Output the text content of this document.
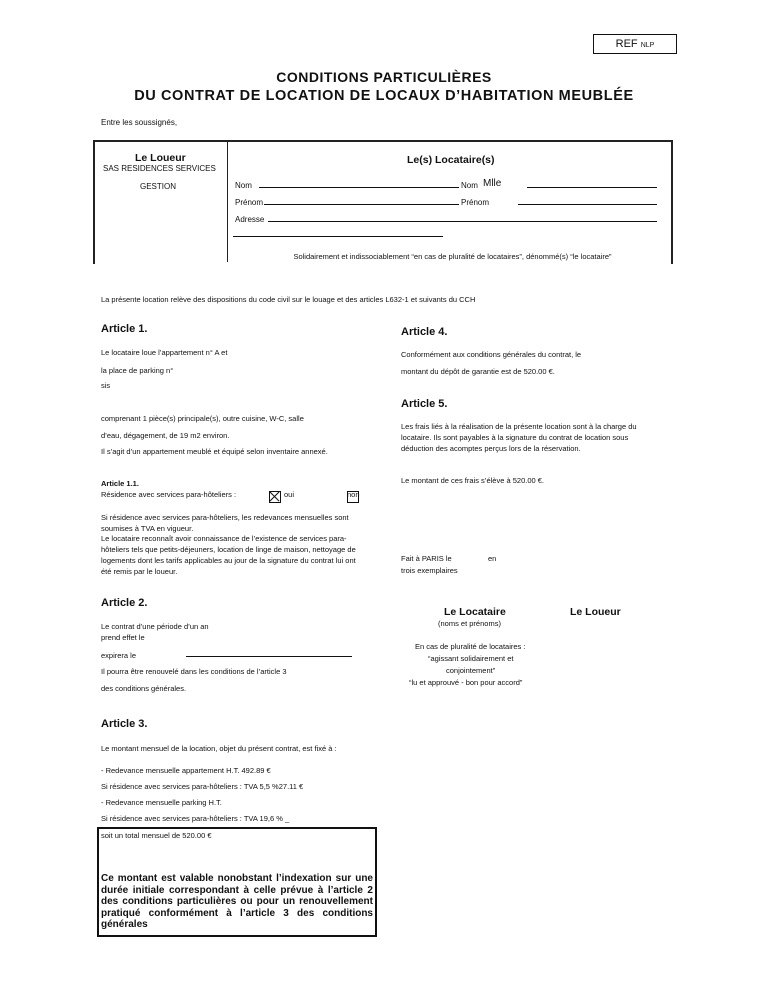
REF NLP
CONDITIONS PARTICULIÈRES
DU CONTRAT DE LOCATION DE LOCAUX D’HABITATION MEUBLÉE
Entre les soussignés,
Le Loueur
SAS RESIDENCES SERVICES
GESTION
Le(s) Locataire(s)
Nom	Nom Mlle
Prénom	Prénom
Adresse
Solidairement et indissociablement “en cas de pluralité de locataires”, dénommé(s) “le locataire”
La présente location relève des dispositions du code civil sur le louage et des articles L632-1 et suivants du CCH
Article 1.
Le locataire loue l’appartement n° A et
la place de parking n°
sis
comprenant 1 pièce(s) principale(s), outre cuisine, W-C, salle
d’eau, dégagement, de 19 m2 environ.
Il s’agit d’un appartement meublé et équipé selon inventaire annexé.
Article 1.1.
Résidence avec services para-hôteliers :
	oui	non
Si résidence avec services para-hôteliers, les redevances mensuelles sont soumises à TVA en vigueur.
Le locataire reconnaît avoir connaissance de l’existence de services para-hôteliers tels que petits-déjeuners, location de linge de maison, nettoyage de logements dont les tarifs applicables au jour de la signature du contrat lui ont été remis par le loueur.
Article 2.
Le contrat d’une période d’un an
prend effet le
expirera le
Il pourra être renouvelé dans les conditions de l’article 3
des conditions générales.
Article 3.
Le montant mensuel de la location, objet du présent contrat, est fixé à :
- Redevance mensuelle appartement H.T. 492.89 €
Si résidence avec services para-hôteliers : TVA 5,5 %27.11 €
- Redevance mensuelle parking H.T.
Si résidence avec services para-hôteliers : TVA 19,6 % _
soit un total mensuel de 520.00 €
Ce montant est valable nonobstant l’indexation sur une durée initiale correspondant à celle prévue à l’article 2 des conditions particulières ou pour un renouvellement pratiqué conformément à l’article 3 des conditions générales
Article 4.
Conformément aux conditions générales du contrat, le
montant du dépôt de garantie est de 520.00 €.
Article 5.
Les frais liés à la réalisation de la présente location sont à la charge du locataire. Ils sont payables à la signature du contrat de location sous déduction des acomptes perçus lors de la réservation.
Le montant de ces frais s’élève à 520.00 €.
Fait à PARIS le	en
trois exemplaires
Le Locataire	Le Loueur
(noms et prénoms)
En cas de pluralité de locataires :
“agissant solidairement et
conjointement”
“lu et approuvé - bon pour accord”
